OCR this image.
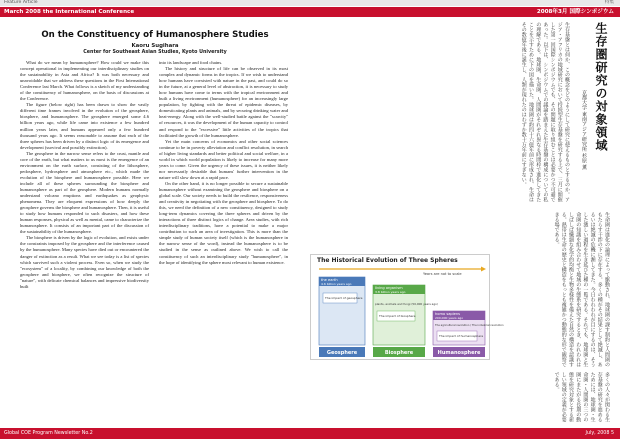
Feature Article	特集
March 2008 the International Conference	2008年3月 国際シンポジウム
On the Constituency of Humanosphere Studies
Kaoru Sugihara
Center for Southeast Asian Studies, Kyoto University

What do we mean by humanosphere? How could we make this concept operational in implementing our interdisciplinary studies on the sustainability in Asia and Africa? It was both necessary and unavoidable that we address these questions in the First International Conference last March. What follows is a sketch of my understanding of the constituency of humanosphere, on the basis of discussions at the Conference.

The figure (below right) has been drawn to show the vastly different time frames involved in the evolution of the geosphere, biosphere, and humanosphere. The geosphere emerged some 4.6 billion years ago, while life came into existence a few hundred million years later, and humans appeared only a few hundred thousand years ago. It seems reasonable to assume that each of the three spheres has been driven by a distinct logic of its emergence and development (survival and possibly extinction).

The geosphere in the narrow sense refers to the crust, mantle and core of the earth, but what matters to us most is the emergence of an environment on the earth surface, consisting of the lithosphere, pedosphere, hydrosphere and atmosphere etc., which made the evolution of the biosphere and humanosphere possible. Here we include all of these spheres surrounding the biosphere and humanosphere as part of the geosphere. Modern humans normally understand volcano eruptions and earthquakes as geophysic phenomena. They are eloquent expressions of how deeply the geosphere governs the biosphere and humanosphere. Then, it is useful to study how humans responded to such disasters, and how these human responses, physical as well as mental, came to characterize the humanosphere. It consists of an important part of the discussion of the sustainability of the humanosphere.

The biosphere is driven by the logic of evolution, and exists under the constraints imposed by the geosphere and the interference caused by the humanosphere. Many species have died out or encountered the danger of extinction as a result. What we see today is a list of species which survived such a violent process. Even so, when we study the "ecosystem" of a locality, by combining our knowledge of both the geosphere and biosphere, we often recognize the structure of "nature", with delicate chemical balances and impressive biodiversity built

into its landscape and food chains.

The history and structure of life can be observed in its most complex and dynamic forms in the tropics. If we wish to understand how humans have coexisted with nature in the past, and could do so in the future, at a general level of abstraction, it is necessary to study how humans have come to terms with the tropical environment and built a living environment (humanosphere) for an increasingly large population, by fighting with the threat of epidemic diseases, by domesticating plants and animals, and by securing drinking water and heat-energy. Along with the well-studied battle against the "scarcity" of resources, it was the development of the human capacity to control and respond to the "excessive" little activities of the tropics that facilitated the growth of the humanosphere.

Yet the main concerns of economics and other social sciences continue to be in poverty alleviation and conflict resolution, in search of higher living standards and better political and social welfare, in a world in which world population is likely to increase for many more years to come. Given the urgency of these issues, it is neither likely nor necessarily desirable that humans' further intervention in the nature will slow down at a rapid pace.

On the other hand, it is no longer possible to secure a sustainable humanosphere without examining the geosphere and biosphere on a global scale. Our society needs to build the resilience, responsiveness and creativity in negotiating with the geosphere and biosphere. To do this, we need the definition of a new constituency, designed to study long-term dynamics covering the three spheres and driven by the interactions of three distinct logics of change. Area studies, with rich interdisciplinary traditions, have a potential to make a major contribution to such an area of investigation. This is more than the simple study of human society itself (which is the humanosphere in the narrow sense of the word), instead the humanosphere is to be studied in the sense as outlined above. We wish to call the constituency of such an interdisciplinary study "humanosphere", in the hope of identifying the sphere most relevant to human existence.

生存圏研究の対象領域
京都大学 東南アジア研究所 杉原 薫
生存基盤とは何か、この概念をどのようにして研究に使えるものとするのか。アジア・アフリカの地域研究において持続型生存基盤を研究する上で、三月に開催した第一回国際シンポジウムでも、その問題に取り組むことは必要かつ不可避であった。以下は、シンポジウムでの議論を踏まえた生存基盤の構成についての私の理解である。地球圏、生命圏、人間圏がそれぞれ異なる時間枠で進化してきたことを示すために下の図を描いた。地球圏は約四十六億年前に形成され、生命はその数億年後に誕生し、人類が現れたのはわずか数十万年前にすぎない。
生命圏は進化の論理によって駆動され、地球圏の課す制約と人間圏のもたらす干渉の下に存在する。多くの種がその結果として絶滅し、あるいは絶滅の危機に瀕してきた。今日われわれが目にするのは、そうした激しい過程を生き延びた種の一覧である。それでも、地球圏と生命圏の知識を組み合わせて地域の生態系を研究するとき、われわれはしばしば繊細な化学的均衡と生物多様性を備えた自然の構造を認識する。熱帯は生命の歴史と構造をもっとも複雑かつ動態的な形で観察できる場である。
多くの人々が関わる生存基盤の研究を進めるためには、地球圏・生命圏・人間圏の三つの圏にまたがる長期の動態を研究対象とする新しい領域の定義が必要である。
The Historical Evolution of Three Spheres
Years are not to scale
the earth
4.6 billion years ago
The impact of geosphere
living organism
3.8 billion years ago
plants, animals and fungi (50,000 years ago)
The impact of biosphere	homo sapiens
200,000 years ago
The agricultural revolution / The industrial revolution
The impact of humanosphere
Geosphere	Biosphere	Humanosphere
Global COE Program Newsletter No.2	July, 2008 5
